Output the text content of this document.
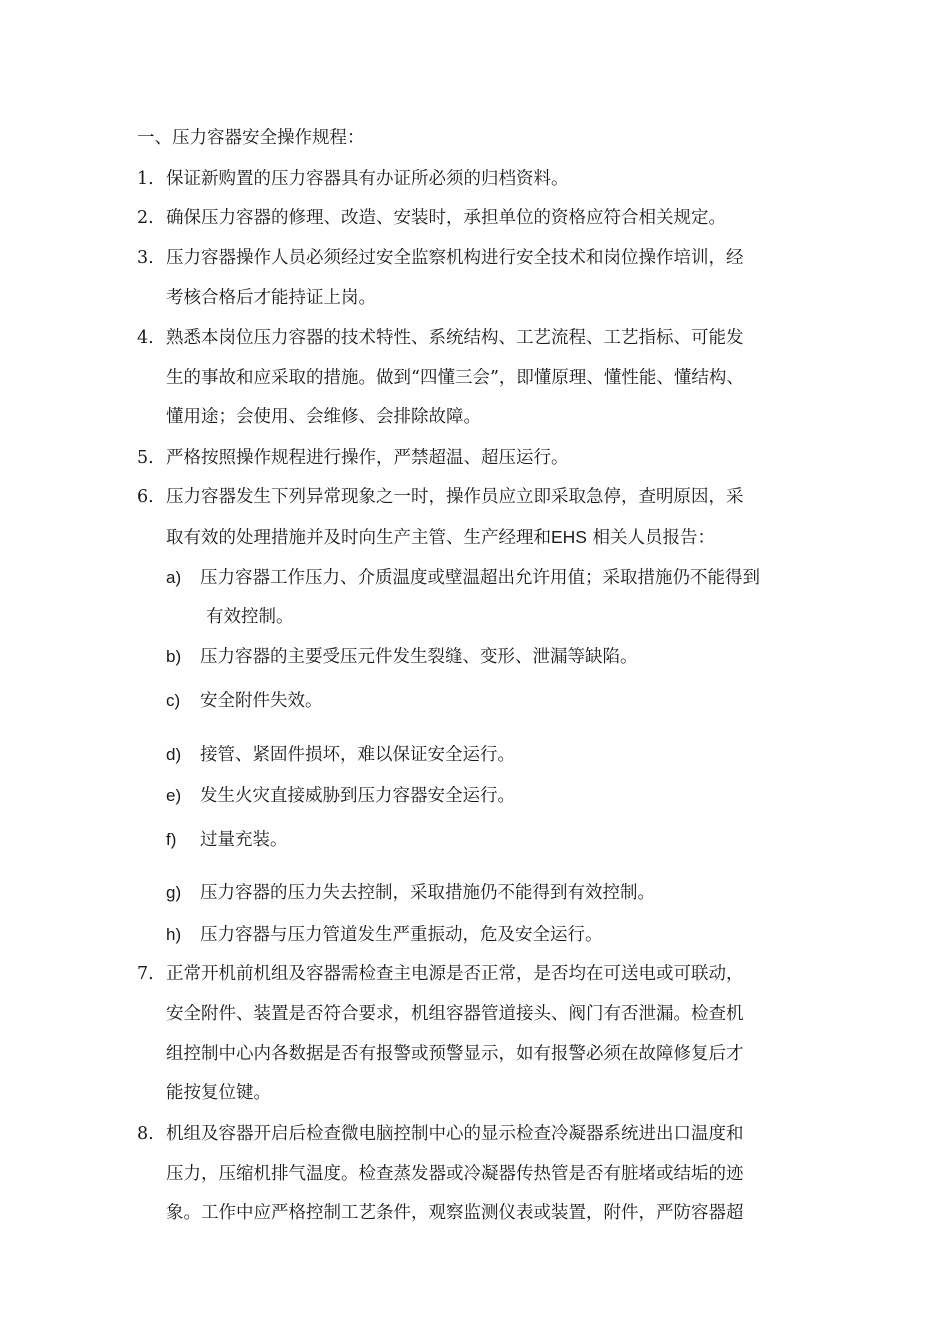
一、压力容器安全操作规程：
1. 保证新购置的压力容器具有办证所必须的归档资料。
2. 确保压力容器的修理、改造、安装时，承担单位的资格应符合相关规定。
3. 压力容器操作人员必须经过安全监察机构进行安全技术和岗位操作培训，经
考核合格后才能持证上岗。
4. 熟悉本岗位压力容器的技术特性、系统结构、工艺流程、工艺指标、可能发
生的事故和应采取的措施。做到“四懂三会”，即懂原理、懂性能、懂结构、
懂用途；会使用、会维修、会排除故障。
5. 严格按照操作规程进行操作，严禁超温、超压运行。
6. 压力容器发生下列异常现象之一时，操作员应立即采取急停，查明原因，采
取有效的处理措施并及时向生产主管、生产经理和EHS 相关人员报告：
a) 压力容器工作压力、介质温度或壁温超出允许用值；采取措施仍不能得到
有效控制。
b) 压力容器的主要受压元件发生裂缝、变形、泄漏等缺陷。
c) 安全附件失效。
d) 接管、紧固件损坏，难以保证安全运行。
e) 发生火灾直接威胁到压力容器安全运行。
f) 过量充装。
g) 压力容器的压力失去控制，采取措施仍不能得到有效控制。
h) 压力容器与压力管道发生严重振动，危及安全运行。
7. 正常开机前机组及容器需检查主电源是否正常，是否均在可送电或可联动，
安全附件、装置是否符合要求，机组容器管道接头、阀门有否泄漏。检查机
组控制中心内各数据是否有报警或预警显示，如有报警必须在故障修复后才
能按复位键。
8. 机组及容器开启后检查微电脑控制中心的显示检查冷凝器系统进出口温度和
压力，压缩机排气温度。检查蒸发器或冷凝器传热管是否有脏堵或结垢的迹
象。工作中应严格控制工艺条件，观察监测仪表或装置，附件，严防容器超
